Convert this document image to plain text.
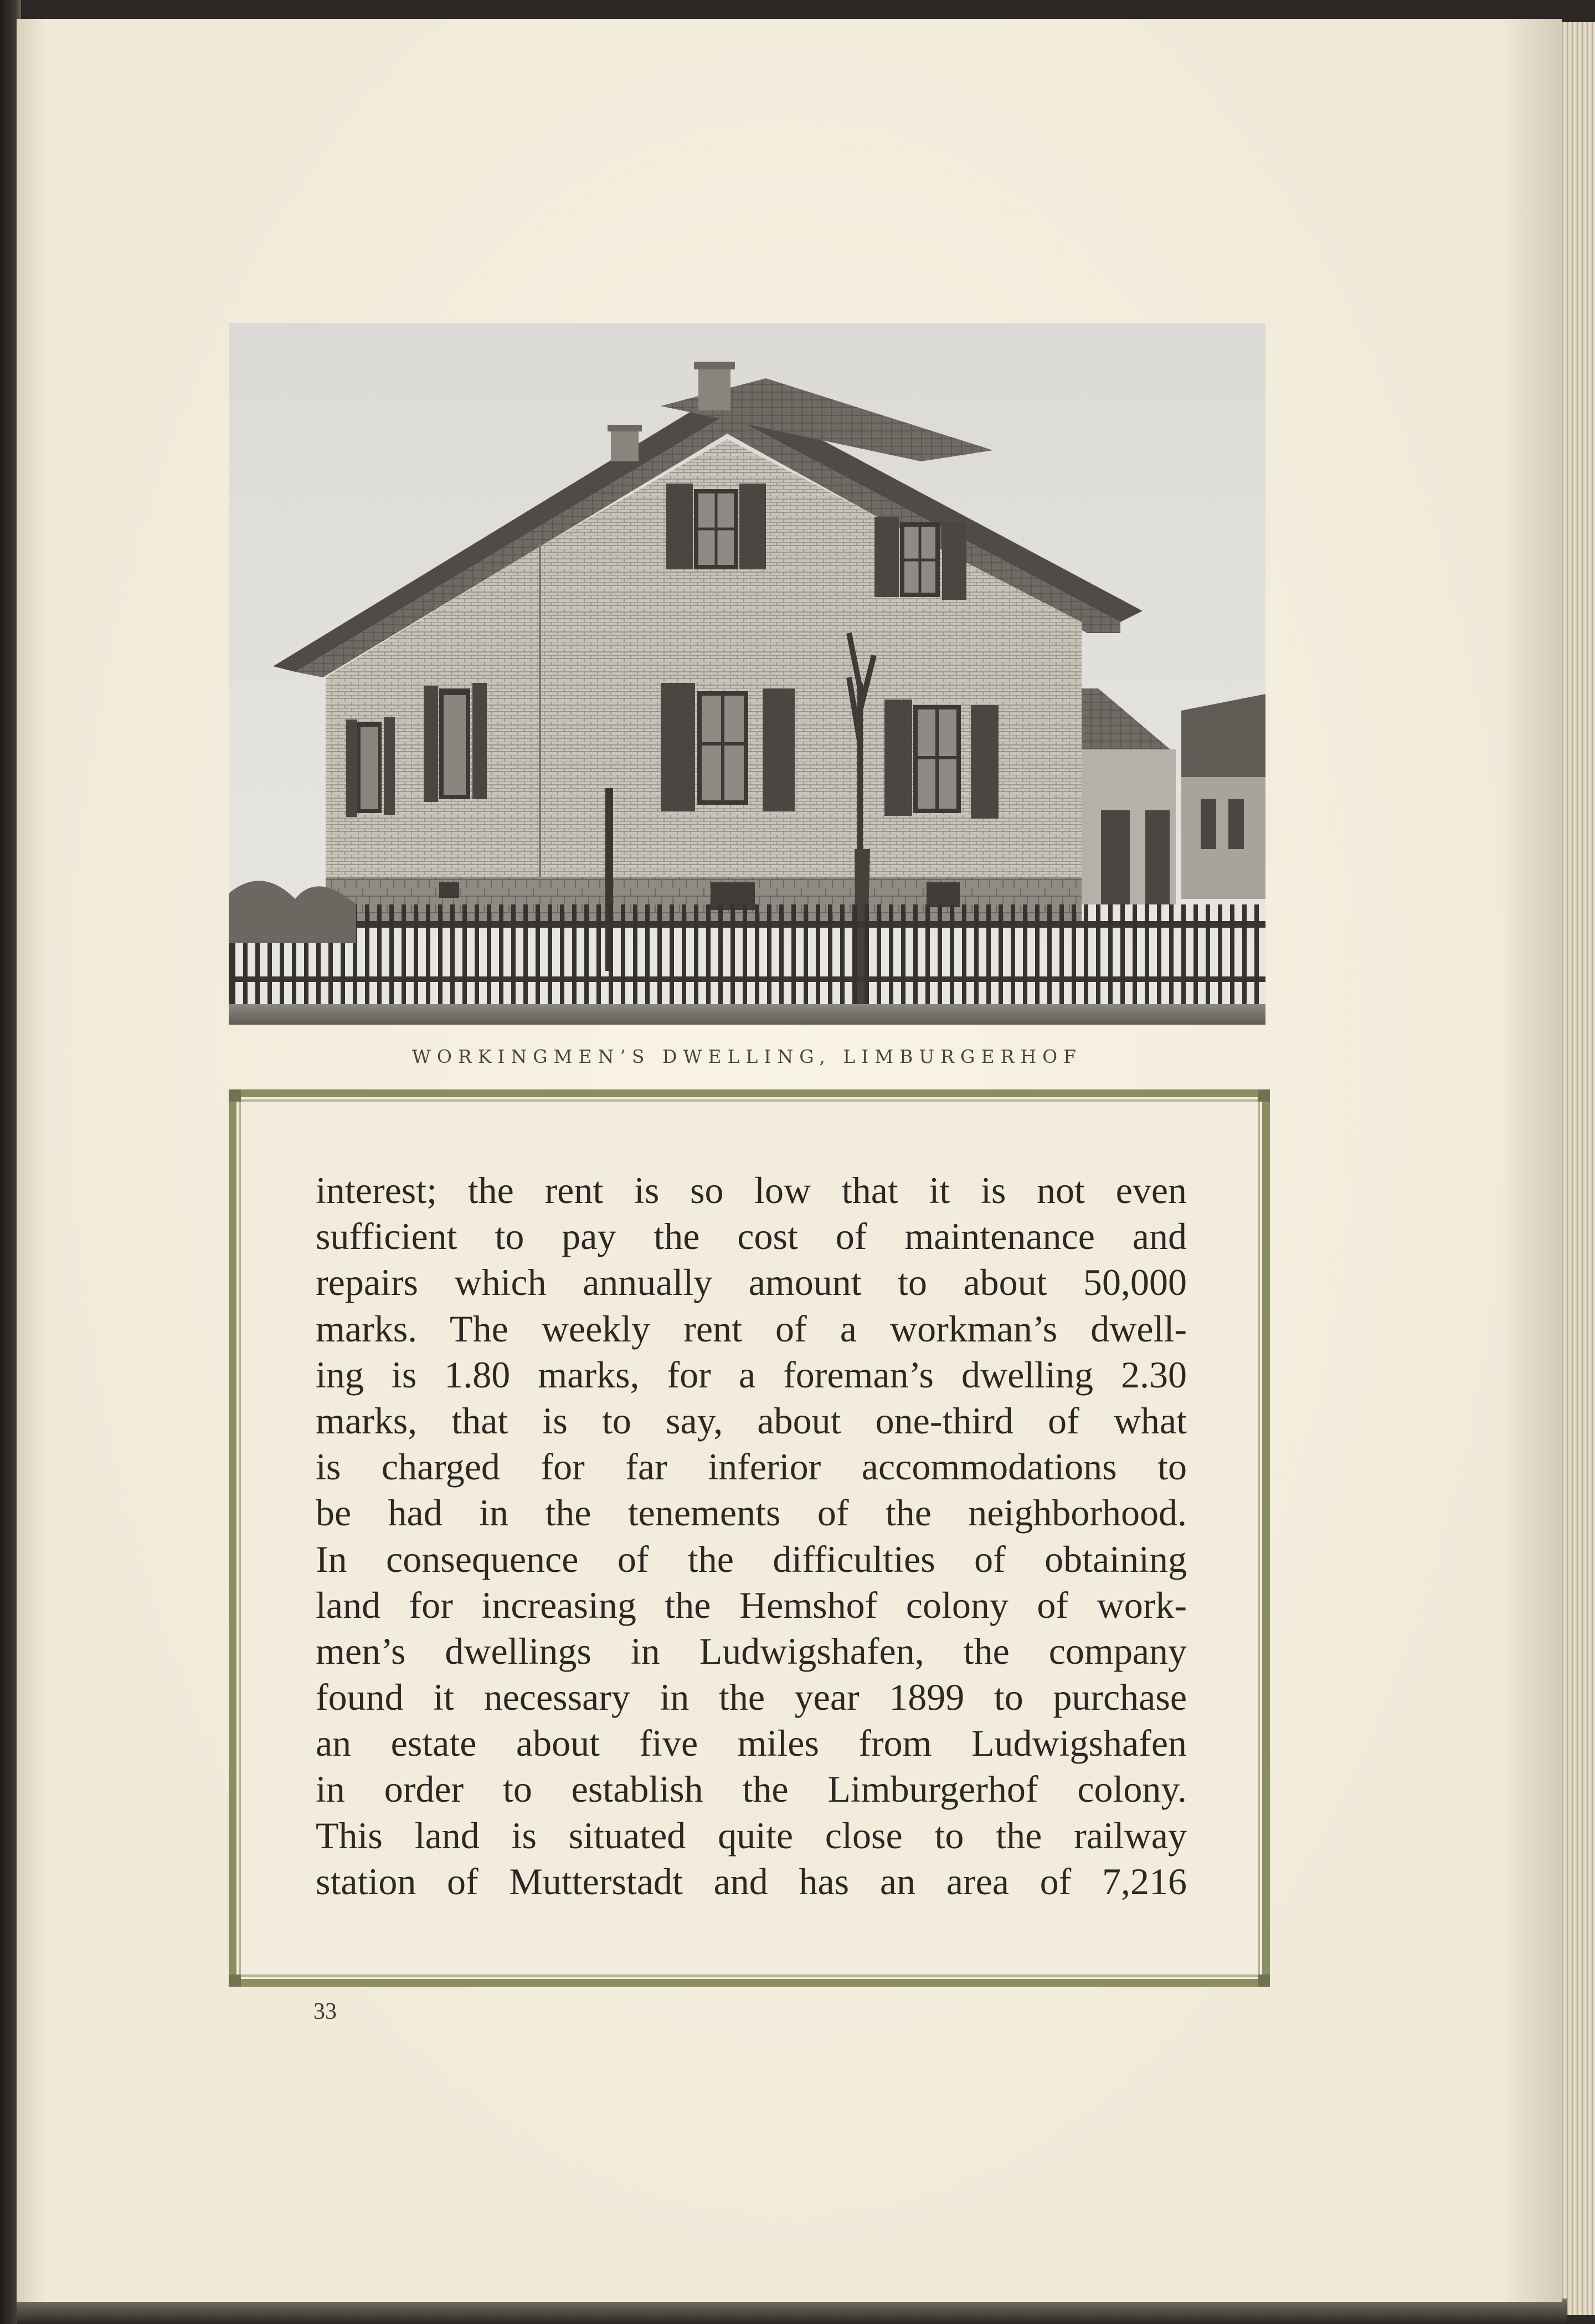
WORKINGMEN’S DWELLING, LIMBURGERHOF

interest; the rent is so low that it is not even
sufficient to pay the cost of maintenance and
repairs which annually amount to about 50,000
marks. The weekly rent of a workman’s dwell-
ing is 1.80 marks, for a foreman’s dwelling 2.30
marks, that is to say, about one-third of what
is charged for far inferior accommodations to
be had in the tenements of the neighborhood.
In consequence of the difficulties of obtaining
land for increasing the Hemshof colony of work-
men’s dwellings in Ludwigshafen, the company
found it necessary in the year 1899 to purchase
an estate about five miles from Ludwigshafen
in order to establish the Limburgerhof colony.
This land is situated quite close to the railway
station of Mutterstadt and has an area of 7,216

33
